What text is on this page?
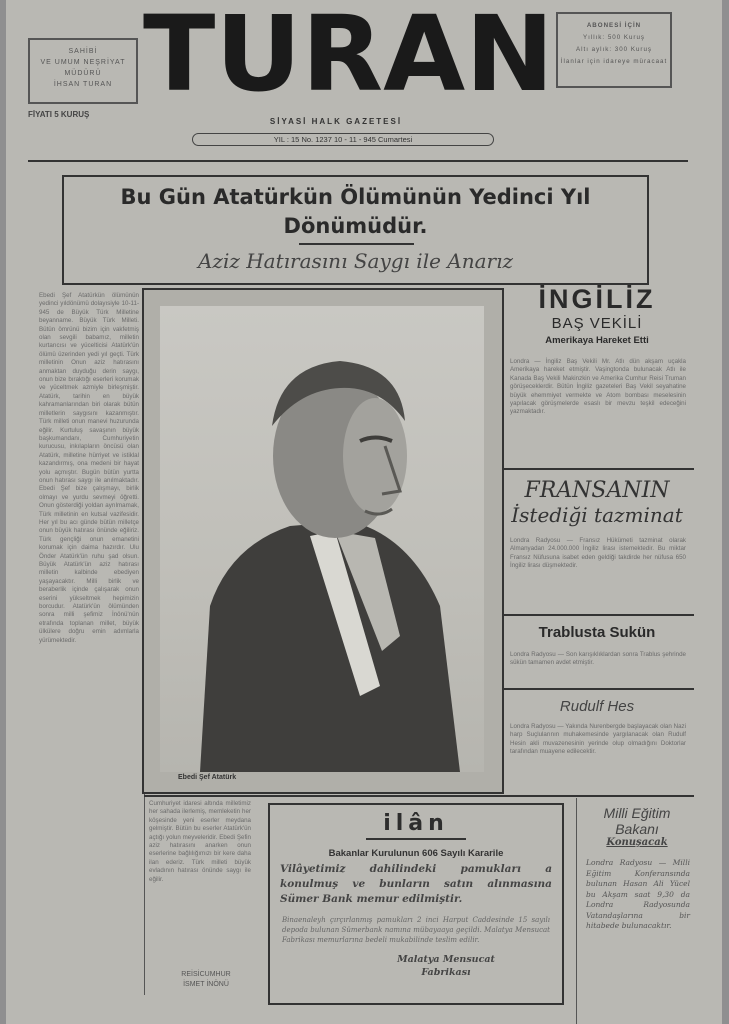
SAHİBİ
VE UMUM NEŞRİYAT
MÜDÜRÜ
İHSAN TURAN
FİYATI 5 KURUŞ TURAN	ABONESİ İÇİN
Yıllık: 500 Kuruş
Altı aylık: 300 Kuruş
İlanlar için idareye müracaat
SİYASİ HALK GAZETESİ
YIL : 15 No. 1237 10 - 11 - 945 Cumartesi
Bu Gün Atatürkün Ölümünün Yedinci Yıl Dönümüdür.
Aziz Hatırasını Saygı ile Anarız
Ebedi Şef Atatürkün ölümünün yedinci yıldönümü dolayısiyle 10-11-945 de Büyük Türk Milletine beyanname. Büyük Türk Milleti. Bütün ömrünü bizim için vakfetmiş olan sevgili babamız, milletin kurtarıcısı ve yücelticisi Atatürk'ün ölümü üzerinden yedi yıl geçti. Türk milletinin Onun aziz hatırasını anmaktan duyduğu derin saygı, onun bize bıraktığı eserleri korumak ve yüceltmek azmiyle birleşmiştir. Atatürk, tarihin en büyük kahramanlarından biri olarak bütün milletlerin saygısını kazanmıştır. Türk milleti onun manevi huzurunda eğilir. Kurtuluş savaşının büyük başkumandanı, Cumhuriyetin kurucusu, inkılapların öncüsü olan Atatürk, milletine hürriyet ve istiklal kazandırmış, ona medeni bir hayat yolu açmıştır. Bugün bütün yurtta onun hatırası saygı ile anılmaktadır. Ebedi Şef bize çalışmayı, birlik olmayı ve yurdu sevmeyi öğretti. Onun gösterdiği yoldan ayrılmamak, Türk milletinin en kutsal vazifesidir. Her yıl bu acı günde bütün milletçe onun büyük hatırası önünde eğiliriz. Türk gençliği onun emanetini korumak için daima hazırdır. Ulu Önder Atatürk'ün ruhu şad olsun. Büyük Atatürk'ün aziz hatırası milletin kalbinde ebediyen yaşayacaktır. Milli birlik ve beraberlik içinde çalışarak onun eserini yükseltmek hepimizin borcudur. Atatürk'ün ölümünden sonra milli şefimiz İnönü'nün etrafında toplanan millet, büyük ülkülere doğru emin adımlarla yürümektedir.
Ebedi Şef Atatürk
Cumhuriyet idaresi altında milletimiz her sahada ilerlemiş, memleketin her köşesinde yeni eserler meydana gelmiştir. Bütün bu eserler Atatürk'ün açtığı yolun meyveleridir. Ebedi Şefin aziz hatırasını anarken onun eserlerine bağlılığımızı bir kere daha ilan ederiz. Türk milleti büyük evladının hatırası önünde saygı ile eğilir.
REİSİCUMHUR
İSMET İNÖNÜ
İNGİLİZ
BAŞ VEKİLİ
Amerikaya Hareket Etti
Londra — İngiliz Baş Vekili Mr. Atlı dün akşam uçakla Amerikaya hareket etmiştir. Vaşingtonda bulunacak Atlı ile Kanada Baş Vekili Makinzkin ve Amerika Cumhur Reisi Truman görüşeceklerdir. Bütün İngiliz gazeteleri Baş Vekil seyahatine büyük ehemmiyet vermekte ve Atom bombası meselesinin yapılacak görüşmelerde esaslı bir mevzu teşkil edeceğini yazmaktadır.
FRANSANIN
İstediği tazminat
Londra Radyosu — Fransız Hükümeti tazminat olarak Almanyadan 24.000.000 İngiliz lirası istemektedir. Bu miktar Fransız Nüfusuna isabet eden geldiği takdirde her nüfusa 650 İngiliz lirası düşmektedir.
Trablusta Sukün
Londra Radyosu — Son karışıklıklardan sonra Trablus şehrinde sükün tamamen avdet etmiştir.
Rudulf Hes
Londra Radyosu — Yakında Nurenbergde başlayacak olan Nazi harp Suçlularının muhakemesinde yargılanacak olan Rudulf Hesin akli muvazenesinin yerinde olup olmadığını Doktorlar tarafından muayene edilecektir.
ilân
Bakanlar Kurulunun 606 Sayılı Kararile
Vilâyetimiz dahilindeki pamukları a konulmuş ve bunların satın alınmasına Sümer Bank memur edilmiştir.
Binaenaleyh çırçırlanmış pamukları 2 inci Harput Caddesinde 15 sayılı depoda bulunan Sümerbank namına mübayaaya geçildi. Malatya Mensucat Fabrikası memurlarına bedeli mukabilinde teslim edilir.
Malatya Mensucat
Fabrikası
Milli Eğitim
Bakanı
Konuşacak
Londra Radyosu — Milli Eğitim Konferansında bulunan Hasan Ali Yücel bu Akşam saat 9,30 da Londra Radyosunda Vatandaşlarına bir hitabede bulunacaktır.
